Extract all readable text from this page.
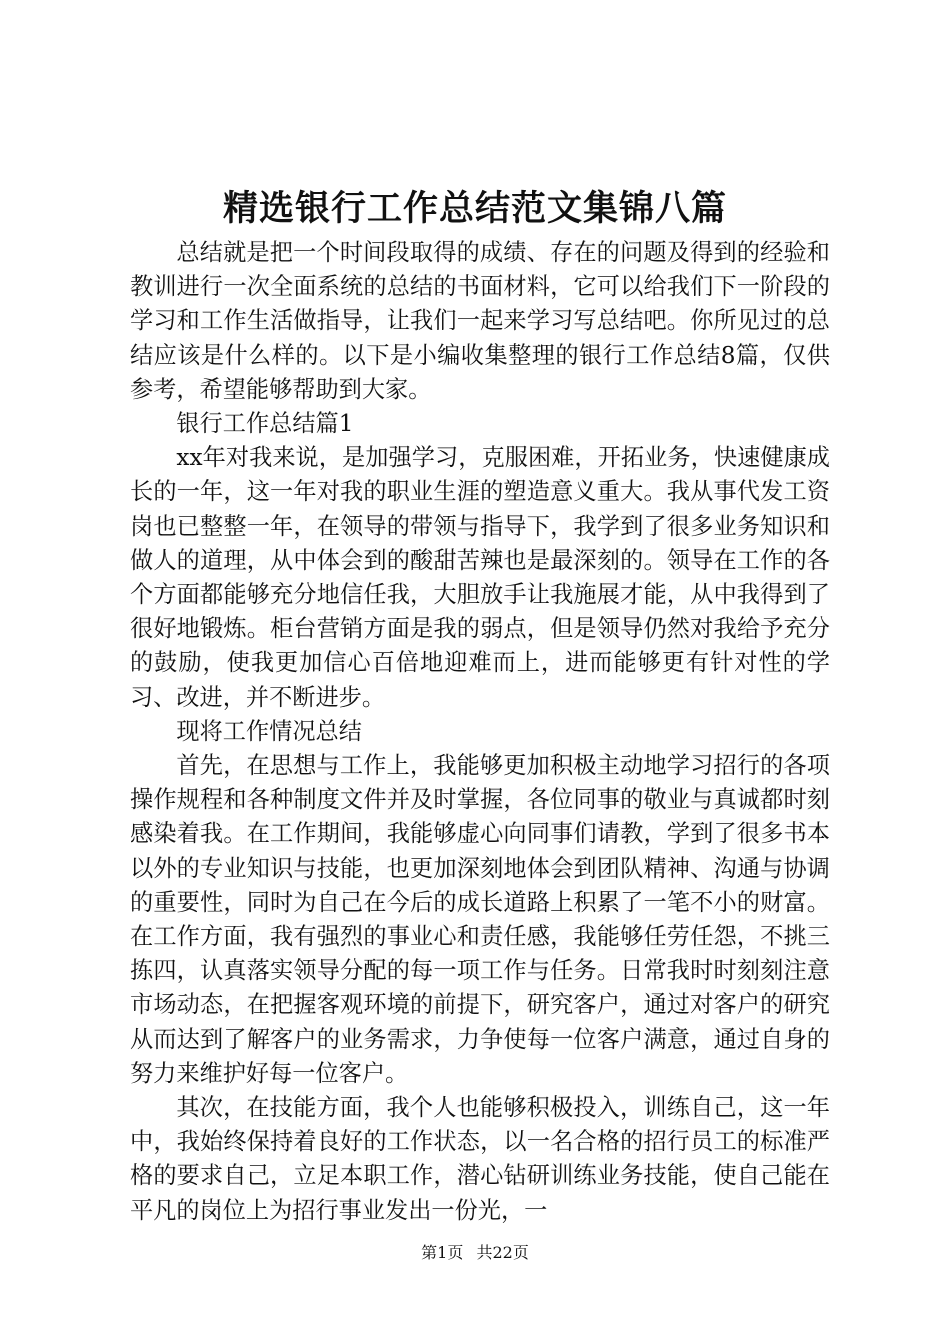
精选银行工作总结范文集锦八篇

总结就是把一个时间段取得的成绩、存在的问题及得到的经验和教训进行一次全面系统的总结的书面材料，它可以给我们下一阶段的学习和工作生活做指导，让我们一起来学习写总结吧。你所见过的总结应该是什么样的。以下是小编收集整理的银行工作总结8篇，仅供参考，希望能够帮助到大家。

银行工作总结篇1

xx年对我来说，是加强学习，克服困难，开拓业务，快速健康成长的一年，这一年对我的职业生涯的塑造意义重大。我从事代发工资岗也已整整一年，在领导的带领与指导下，我学到了很多业务知识和做人的道理，从中体会到的酸甜苦辣也是最深刻的。领导在工作的各个方面都能够充分地信任我，大胆放手让我施展才能，从中我得到了很好地锻炼。柜台营销方面是我的弱点，但是领导仍然对我给予充分的鼓励，使我更加信心百倍地迎难而上，进而能够更有针对性的学习、改进，并不断进步。

现将工作情况总结

首先，在思想与工作上，我能够更加积极主动地学习招行的各项操作规程和各种制度文件并及时掌握，各位同事的敬业与真诚都时刻感染着我。在工作期间，我能够虚心向同事们请教，学到了很多书本以外的专业知识与技能，也更加深刻地体会到团队精神、沟通与协调的重要性，同时为自己在今后的成长道路上积累了一笔不小的财富。在工作方面，我有强烈的事业心和责任感，我能够任劳任怨，不挑三拣四，认真落实领导分配的每一项工作与任务。日常我时时刻刻注意市场动态，在把握客观环境的前提下，研究客户，通过对客户的研究从而达到了解客户的业务需求，力争使每一位客户满意，通过自身的努力来维护好每一位客户。

其次，在技能方面，我个人也能够积极投入，训练自己，这一年中，我始终保持着良好的工作状态，以一名合格的招行员工的标准严格的要求自己，立足本职工作，潜心钻研训练业务技能，使自己能在平凡的岗位上为招行事业发出一份光，一

第1页 共22页
